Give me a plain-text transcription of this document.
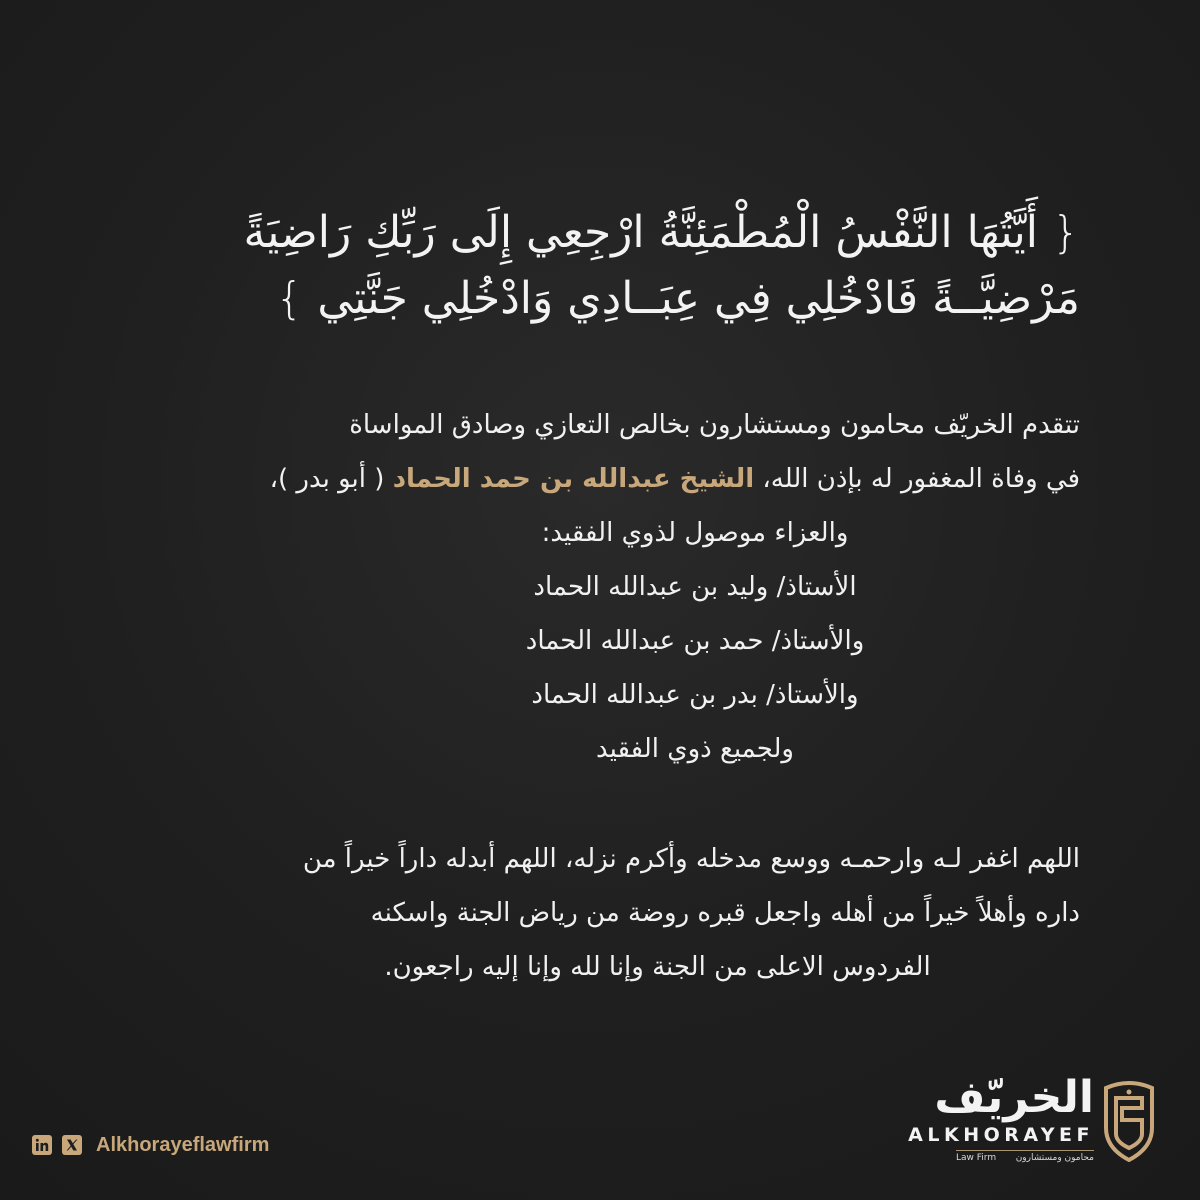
{ أَيَّتُهَا النَّفْسُ الْمُطْمَئِنَّةُ ارْجِعِي إِلَى رَبِّكِ رَاضِيَةً
مَرْضِيَّــةً فَادْخُلِي فِي عِبَــادِي وَادْخُلِي جَنَّتِي }
تتقدم الخريّف محامون ومستشارون بخالص التعازي وصادق المواساة
في وفاة المغفور له بإذن الله، الشيخ عبدالله بن حمد الحماد ( أبو بدر )،
والعزاء موصول لذوي الفقيد:
الأستاذ/ وليد بن عبدالله الحماد
والأستاذ/ حمد بن عبدالله الحماد
والأستاذ/ بدر بن عبدالله الحماد
ولجميع ذوي الفقيد
اللهم اغفر لـه وارحمـه ووسع مدخله وأكرم نزله، اللهم أبدله داراً خيراً من
داره وأهلاً خيراً من أهله واجعل قبره روضة من رياض الجنة واسكنه
الفردوس الاعلى من الجنة وإنا لله وإنا إليه راجعون.
Alkhorayeflawfirm
الخريّف
ALKHORAYEF
Law Firm محامون ومستشارون
